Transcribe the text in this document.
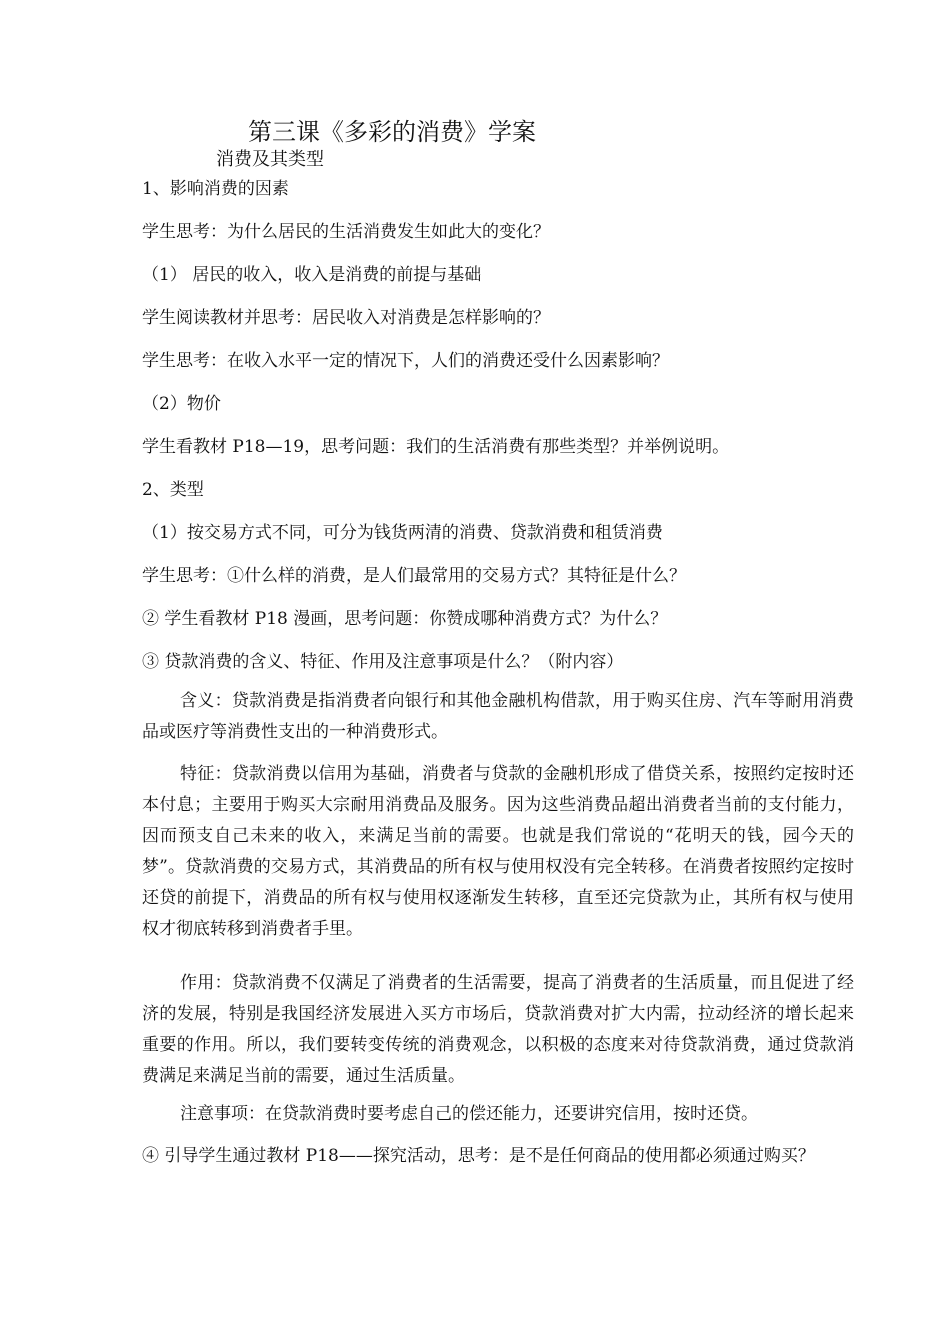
第三课《多彩的消费》学案
消费及其类型
1、影响消费的因素
学生思考：为什么居民的生活消费发生如此大的变化？
（1） 居民的收入，收入是消费的前提与基础
学生阅读教材并思考：居民收入对消费是怎样影响的？
学生思考：在收入水平一定的情况下，人们的消费还受什么因素影响？
（2）物价
学生看教材 P18—19，思考问题：我们的生活消费有那些类型？并举例说明。
2、类型
（1）按交易方式不同，可分为钱货两清的消费、贷款消费和租赁消费
学生思考：①什么样的消费，是人们最常用的交易方式？其特征是什么？
② 学生看教材 P18 漫画，思考问题：你赞成哪种消费方式？为什么？
③ 贷款消费的含义、特征、作用及注意事项是什么？（附内容）
含义：贷款消费是指消费者向银行和其他金融机构借款，用于购买住房、汽车等耐用消费品或医疗等消费性支出的一种消费形式。
特征：贷款消费以信用为基础，消费者与贷款的金融机形成了借贷关系，按照约定按时还本付息；主要用于购买大宗耐用消费品及服务。因为这些消费品超出消费者当前的支付能力，因而预支自己未来的收入，来满足当前的需要。也就是我们常说的“花明天的钱，园今天的梦”。贷款消费的交易方式，其消费品的所有权与使用权没有完全转移。在消费者按照约定按时还贷的前提下，消费品的所有权与使用权逐渐发生转移，直至还完贷款为止，其所有权与使用权才彻底转移到消费者手里。
作用：贷款消费不仅满足了消费者的生活需要，提高了消费者的生活质量，而且促进了经济的发展，特别是我国经济发展进入买方市场后，贷款消费对扩大内需，拉动经济的增长起来重要的作用。所以，我们要转变传统的消费观念，以积极的态度来对待贷款消费，通过贷款消费满足来满足当前的需要，通过生活质量。
注意事项：在贷款消费时要考虑自己的偿还能力，还要讲究信用，按时还贷。
④ 引导学生通过教材 P18——探究活动，思考：是不是任何商品的使用都必须通过购买？
